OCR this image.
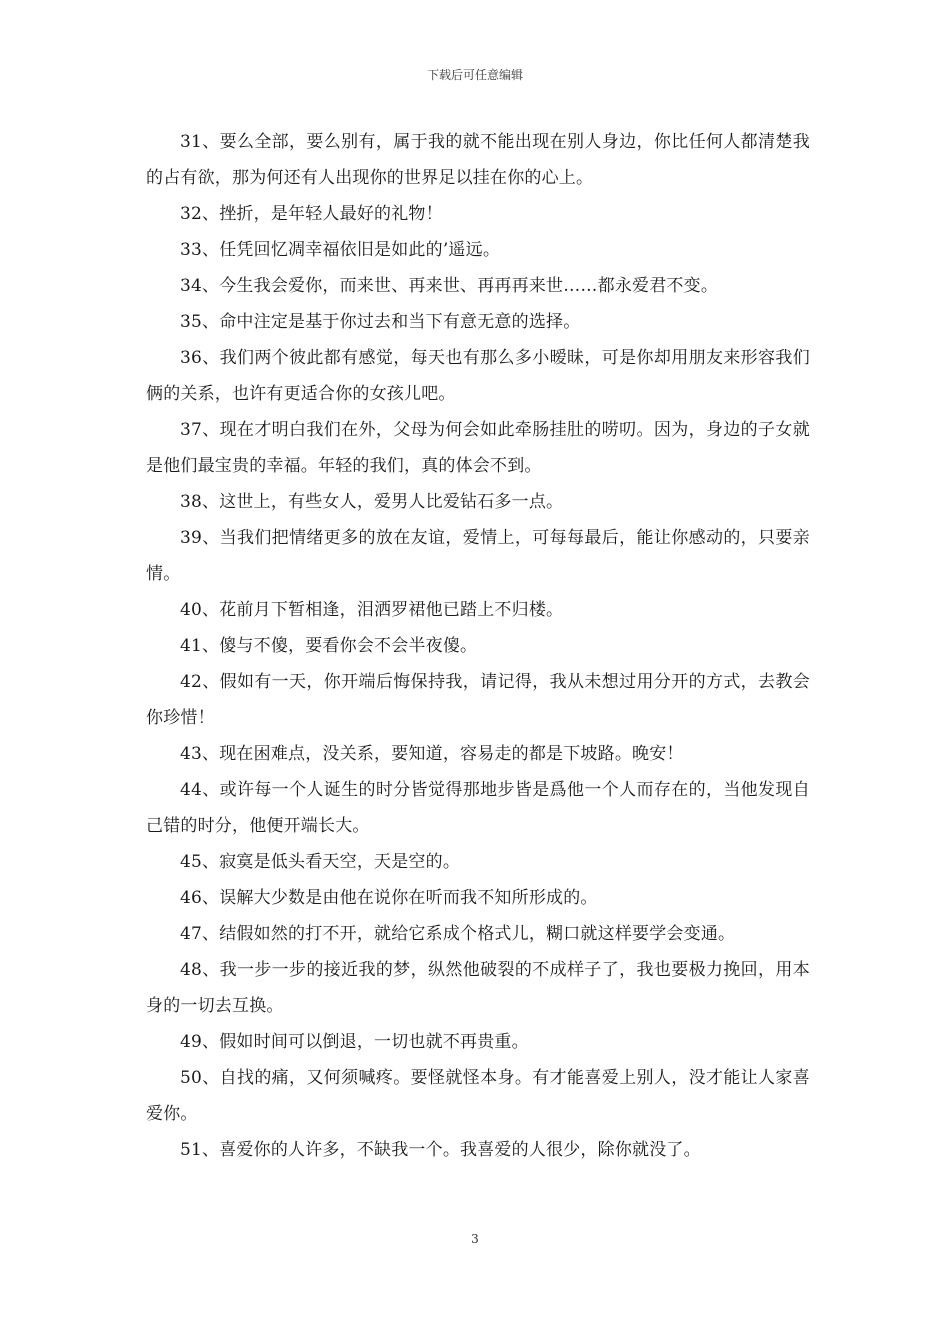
下载后可任意编辑

31、要么全部，要么别有，属于我的就不能出现在别人身边，你比任何人都清楚我的占有欲，那为何还有人出现你的世界足以挂在你的心上。

32、挫折，是年轻人最好的礼物！

33、任凭回忆凋幸福依旧是如此的’遥远。

34、今生我会爱你，而来世、再来世、再再再来世……都永爱君不变。

35、命中注定是基于你过去和当下有意无意的选择。

36、我们两个彼此都有感觉，每天也有那么多小暧昧，可是你却用朋友来形容我们俩的关系，也许有更适合你的女孩儿吧。

37、现在才明白我们在外，父母为何会如此牵肠挂肚的唠叨。因为，身边的子女就是他们最宝贵的幸福。年轻的我们，真的体会不到。

38、这世上，有些女人，爱男人比爱钻石多一点。

39、当我们把情绪更多的放在友谊，爱情上，可每每最后，能让你感动的，只要亲情。

40、花前月下暂相逢，泪洒罗裙他已踏上不归楼。

41、傻与不傻，要看你会不会半夜傻。

42、假如有一天，你开端后悔保持我，请记得，我从未想过用分开的方式，去教会你珍惜！

43、现在困难点，没关系，要知道，容易走的都是下坡路。晚安！

44、或许每一个人诞生的时分皆觉得那地步皆是爲他一个人而存在的，当他发现自己错的时分，他便开端长大。

45、寂寞是低头看天空，天是空的。

46、误解大少数是由他在说你在听而我不知所形成的。

47、结假如然的打不开，就给它系成个格式儿，糊口就这样要学会变通。

48、我一步一步的接近我的梦，纵然他破裂的不成样子了，我也要极力挽回，用本身的一切去互换。

49、假如时间可以倒退，一切也就不再贵重。

50、自找的痛，又何须喊疼。要怪就怪本身。有才能喜爱上别人，没才能让人家喜爱你。

51、喜爱你的人许多，不缺我一个。我喜爱的人很少，除你就没了。

3
